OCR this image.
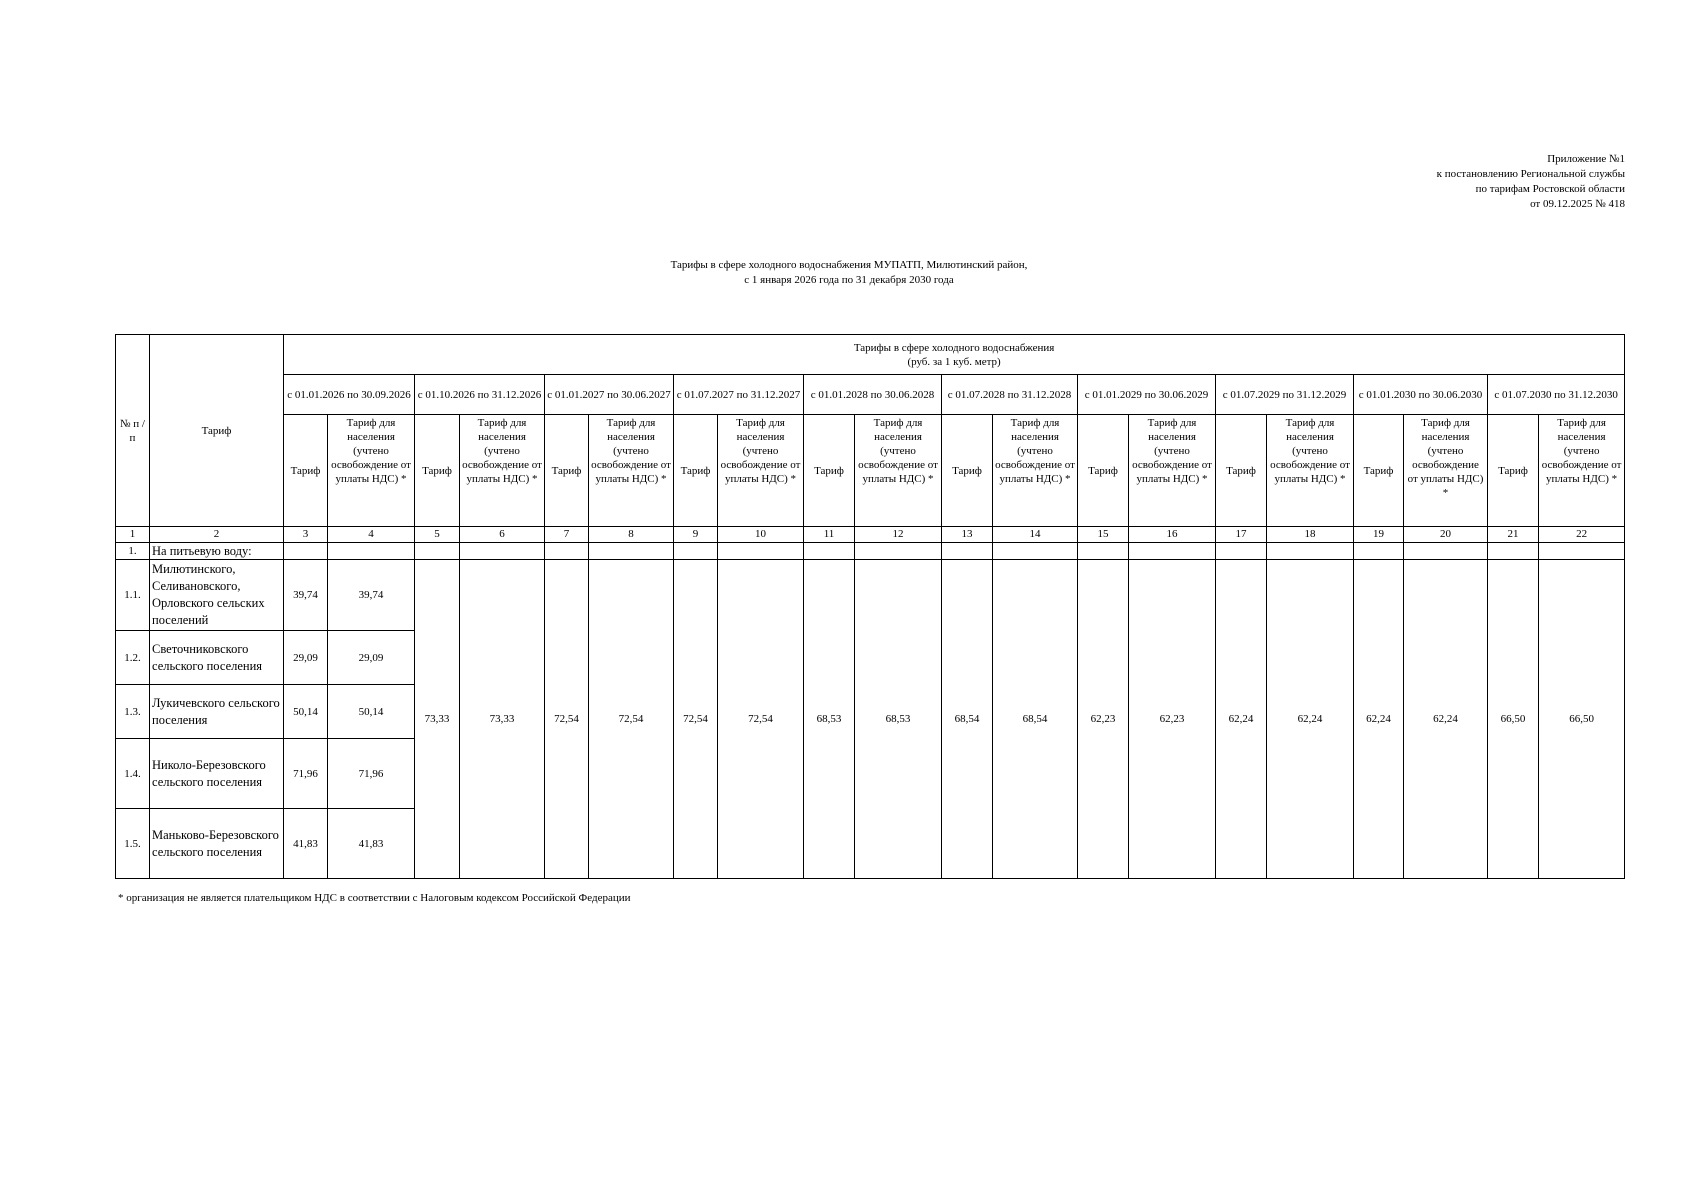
Приложение №1
к постановлению Региональной службы
по тарифам Ростовской области
от 09.12.2025 № 418
Тарифы в сфере холодного водоснабжения МУПАТП, Милютинский район,
с 1 января 2026 года по 31 декабря 2030 года
№ п /п	Тариф	Тарифы в сфере холодного водоснабжения
(руб. за 1 куб. метр)																			

		с 01.01.2026 по 30.09.2026		с 01.10.2026 по 31.12.2026		с 01.01.2027 по 30.06.2027		с 01.07.2027 по 31.12.2027		с 01.01.2028 по 30.06.2028		с 01.07.2028 по 31.12.2028		с 01.01.2029 по 30.06.2029		с 01.07.2029 по 31.12.2029		с 01.01.2030 по 30.06.2030		с 01.07.2030 по 31.12.2030	
		Тариф	Тариф для населения (учтено освобождение от уплаты НДС) *	Тариф	Тариф для населения (учтено освобождение от уплаты НДС) *	Тариф	Тариф для населения (учтено освобождение от уплаты НДС) *	Тариф	Тариф для населения (учтено освобождение от уплаты НДС) *	Тариф	Тариф для населения (учтено освобождение от уплаты НДС) *	Тариф	Тариф для населения (учтено освобождение от уплаты НДС) *	Тариф	Тариф для населения (учтено освобождение от уплаты НДС) *	Тариф	Тариф для населения (учтено освобождение от уплаты НДС) *	Тариф	Тариф для населения (учтено освобождение от уплаты НДС) *	Тариф	Тариф для населения (учтено освобождение от уплаты НДС) *
1	2	3	4	5	6	7	8	9	10	11	12	13	14	15	16	17	18	19	20	21	22
1.	На питьевую воду:																				
1.1.	Милютинского, Селивановского, Орловского сельских поселений	39,74	39,74	73,33	73,33	72,54	72,54	72,54	72,54	68,53	68,53	68,54	68,54	62,23	62,23	62,24	62,24	62,24	62,24	66,50	66,50
1.2.	Светочниковского сельского поселения	29,09	29,09																		
1.3.	Лукичевского сельского поселения	50,14	50,14																		
1.4.	Николо-Березовского сельского поселения	71,96	71,96																		
1.5.	Маньково-Березовского сельского поселения	41,83	41,83																		
* организация не является плательщиком НДС в соответствии с Налоговым кодексом Российской Федерации
